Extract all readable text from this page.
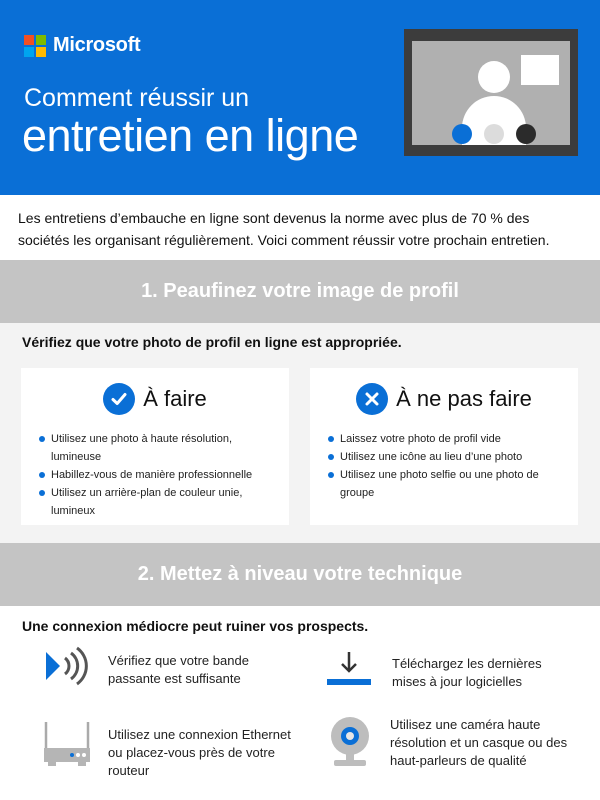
Microsoft
Comment réussir un
entretien en ligne

Les entretiens d’embauche en ligne sont devenus la norme avec plus de 70 % des sociétés les organisant régulièrement. Voici comment réussir votre prochain entretien.

1. Peaufinez votre image de profil
Vérifiez que votre photo de profil en ligne est appropriée.
À faire
Utilisez une photo à haute résolution, lumineuse
Habillez-vous de manière professionnelle
Utilisez un arrière-plan de couleur unie, lumineux
À ne pas faire
Laissez votre photo de profil vide
Utilisez une icône au lieu d’une photo
Utilisez une photo selfie ou une photo de groupe
2. Mettez à niveau votre technique
Une connexion médiocre peut ruiner vos prospects.
Vérifiez que votre bande passante est suffisante
Téléchargez les dernières mises à jour logicielles
Utilisez une connexion Ethernet ou placez-vous près de votre routeur
Utilisez une caméra haute résolution et un casque ou des haut-parleurs de qualité
